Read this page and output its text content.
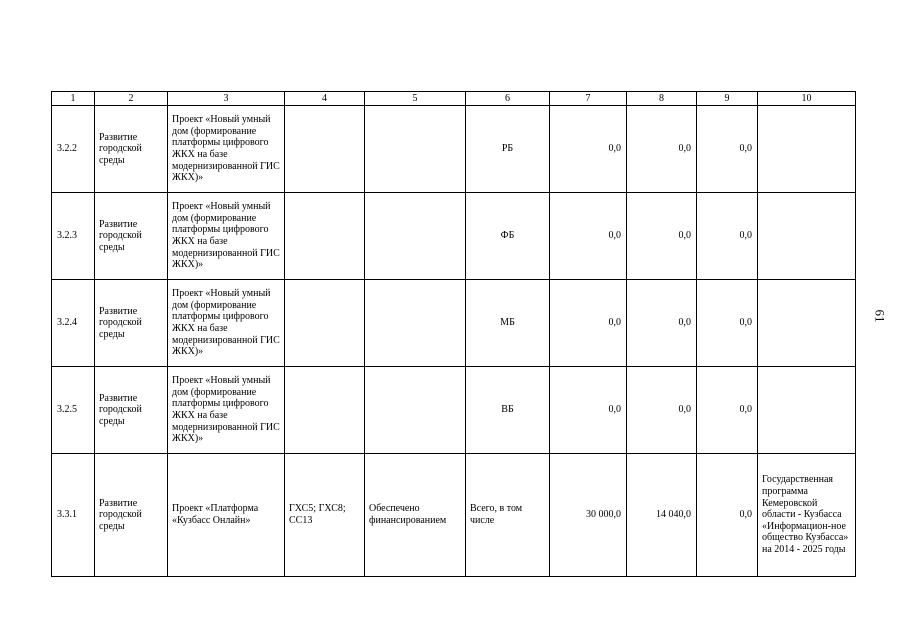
1	2	3	4	5	6	7	8	9	10
3.2.2	Развитие городской среды	Проект «Новый умный дом (формирование платформы цифрового ЖКХ на базе модернизированной ГИС ЖКХ)»			РБ	0,0	0,0	0,0	
3.2.3	Развитие городской среды	Проект «Новый умный дом (формирование платформы цифрового ЖКХ на базе модернизированной ГИС ЖКХ)»			ФБ	0,0	0,0	0,0	
3.2.4	Развитие городской среды	Проект «Новый умный дом (формирование платформы цифрового ЖКХ на базе модернизированной ГИС ЖКХ)»			МБ	0,0	0,0	0,0	
3.2.5	Развитие городской среды	Проект «Новый умный дом (формирование платформы цифрового ЖКХ на базе модернизированной ГИС ЖКХ)»			ВБ	0,0	0,0	0,0	
3.3.1	Развитие городской среды	Проект «Платформа «Кузбасс Онлайн»	ГХС5; ГХС8; СС13	Обеспечено финансированием	Всего, в том числе	30 000,0	14 040,0	0,0	Государственная программа Кемеровской области - Кузбасса «Информацион-ное общество Кузбасса» на 2014 - 2025 годы
61
